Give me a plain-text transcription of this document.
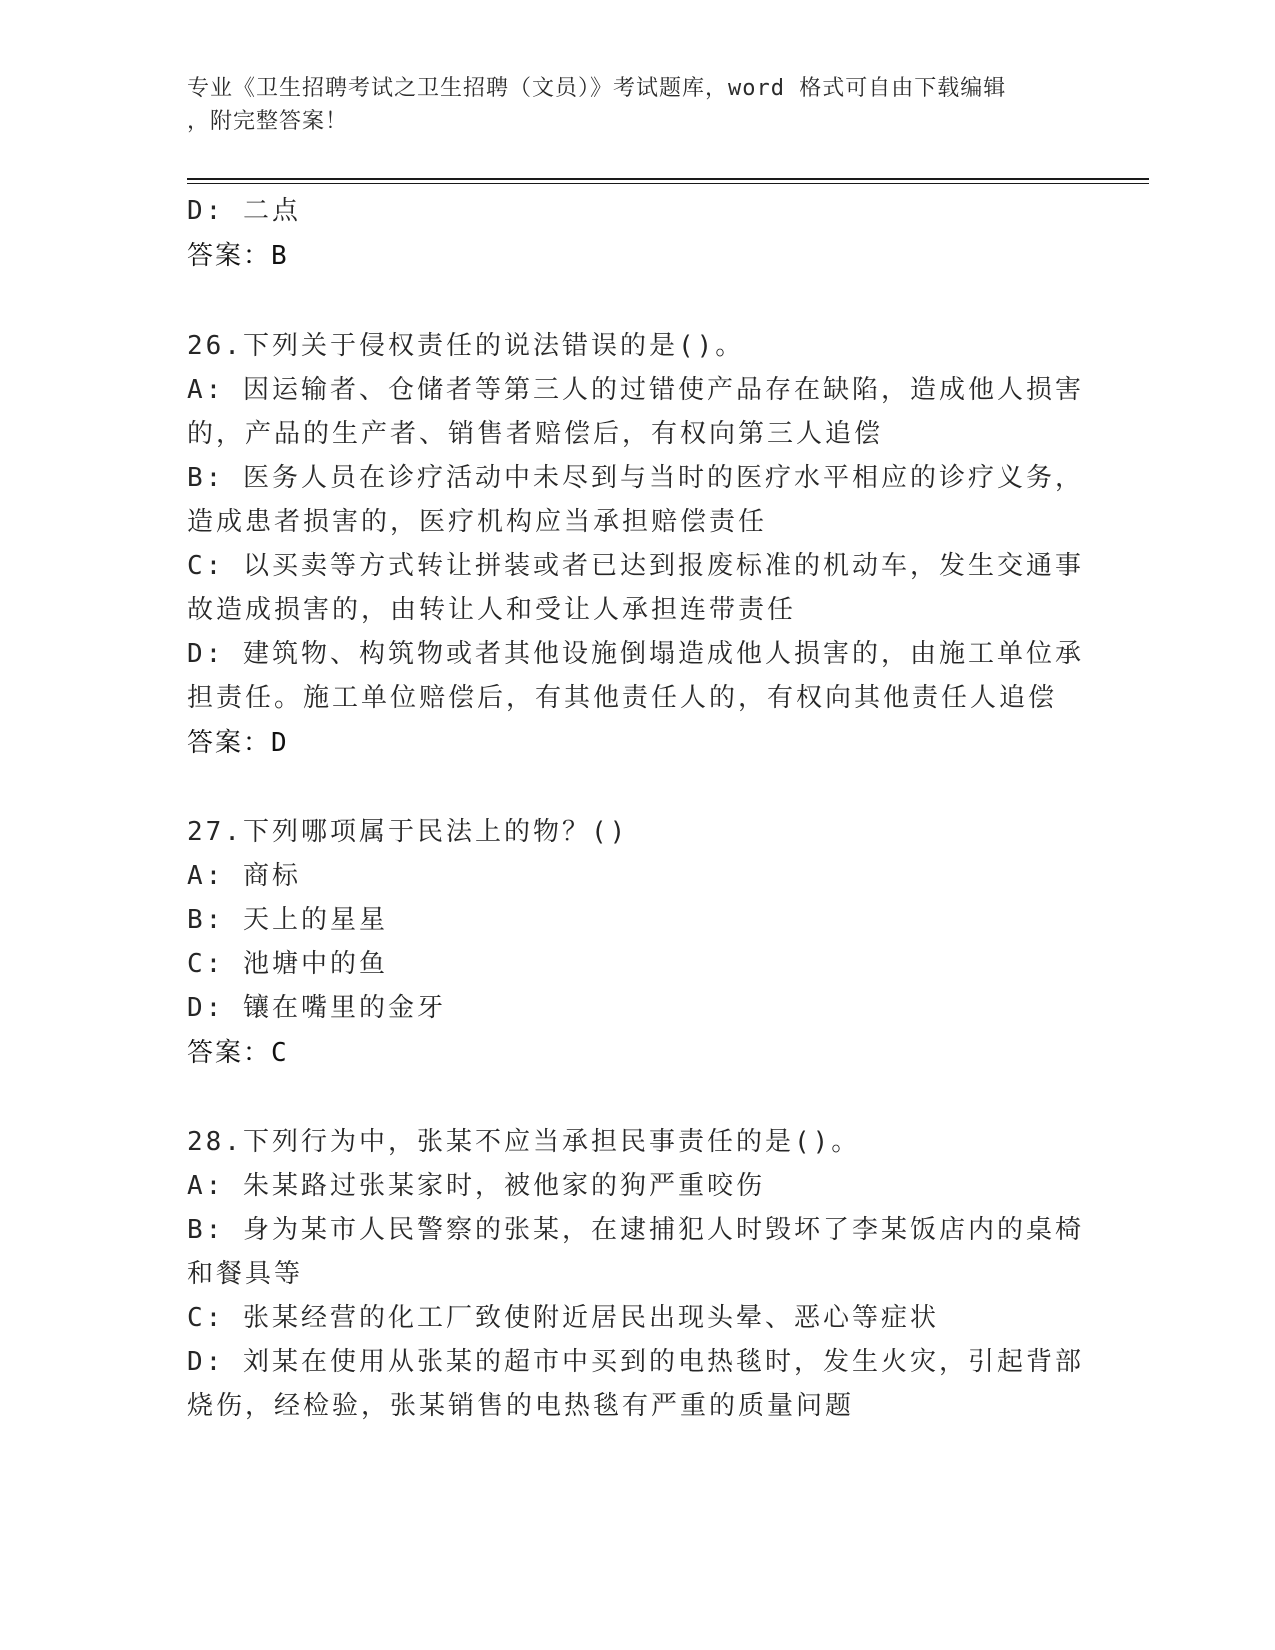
专业《卫生招聘考试之卫生招聘（文员）》考试题库，word 格式可自由下载编辑
，附完整答案！
D: 二点
答案：B
26.下列关于侵权责任的说法错误的是()。
A: 因运输者、仓储者等第三人的过错使产品存在缺陷，造成他人损害
的，产品的生产者、销售者赔偿后，有权向第三人追偿
B: 医务人员在诊疗活动中未尽到与当时的医疗水平相应的诊疗义务，
造成患者损害的，医疗机构应当承担赔偿责任
C: 以买卖等方式转让拼装或者已达到报废标准的机动车，发生交通事
故造成损害的，由转让人和受让人承担连带责任
D: 建筑物、构筑物或者其他设施倒塌造成他人损害的，由施工单位承
担责任。施工单位赔偿后，有其他责任人的，有权向其他责任人追偿
答案：D
27.下列哪项属于民法上的物？()
A: 商标
B: 天上的星星
C: 池塘中的鱼
D: 镶在嘴里的金牙
答案：C
28.下列行为中，张某不应当承担民事责任的是()。
A: 朱某路过张某家时，被他家的狗严重咬伤
B: 身为某市人民警察的张某，在逮捕犯人时毁坏了李某饭店内的桌椅
和餐具等
C: 张某经营的化工厂致使附近居民出现头晕、恶心等症状
D: 刘某在使用从张某的超市中买到的电热毯时，发生火灾，引起背部
烧伤，经检验，张某销售的电热毯有严重的质量问题
